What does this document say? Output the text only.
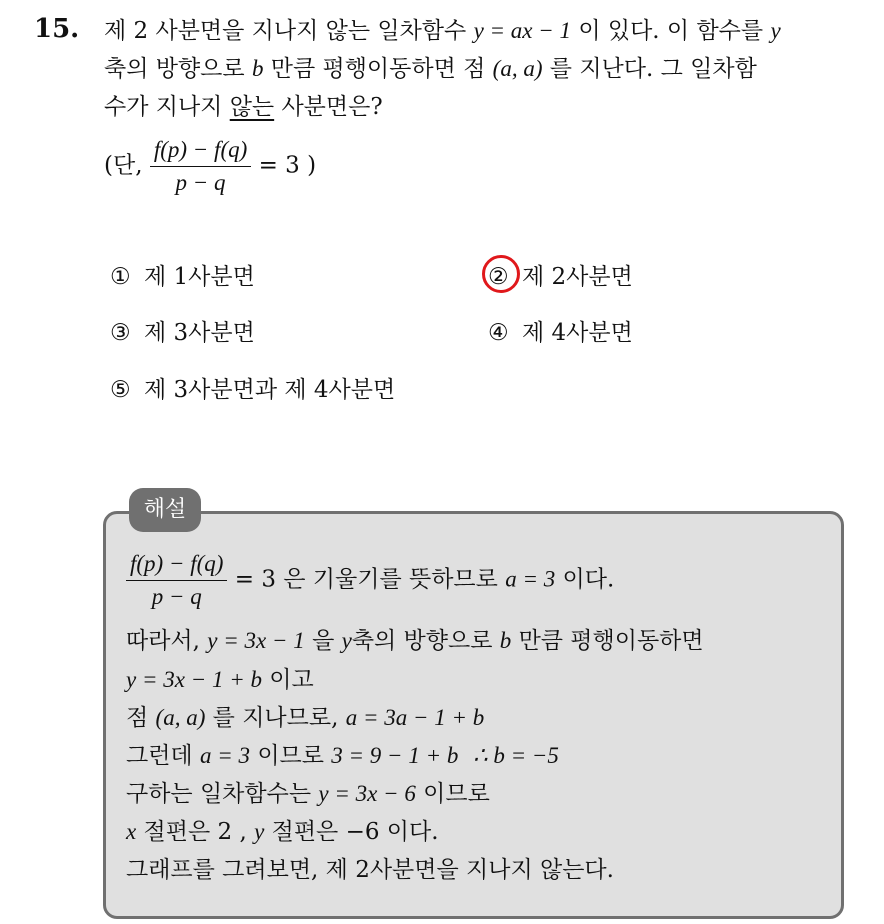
15. 제 2 사분면을 지나지 않는 일차함수 y = ax − 1 이 있다. 이 함수를 y
축의 방향으로 b 만큼 평행이동하면 점 (a, a) 를 지난다. 그 일차함
수가 지나지 않는 사분면은?
(단, $\frac{f(p) - f(q)}{p - q} = 3$ )
① 제 1사분면	② 제 2사분면
③ 제 3사분면	④ 제 4사분면
⑤ 제 3사분면과 제 4사분면
해설
$\frac{f(p) - f(q)}{p - q} = 3$ 은 기울기를 뜻하므로 a = 3 이다.
따라서, y = 3x − 1 을 y축의 방향으로 b 만큼 평행이동하면
y = 3x − 1 + b 이고
점 (a, a) 를 지나므로, a = 3a − 1 + b
그런데 a = 3 이므로 3 = 9 − 1 + b ∴ b = −5
구하는 일차함수는 y = 3x − 6 이므로
x 절편은 2 , y 절편은 −6 이다.
그래프를 그려보면, 제 2사분면을 지나지 않는다.
